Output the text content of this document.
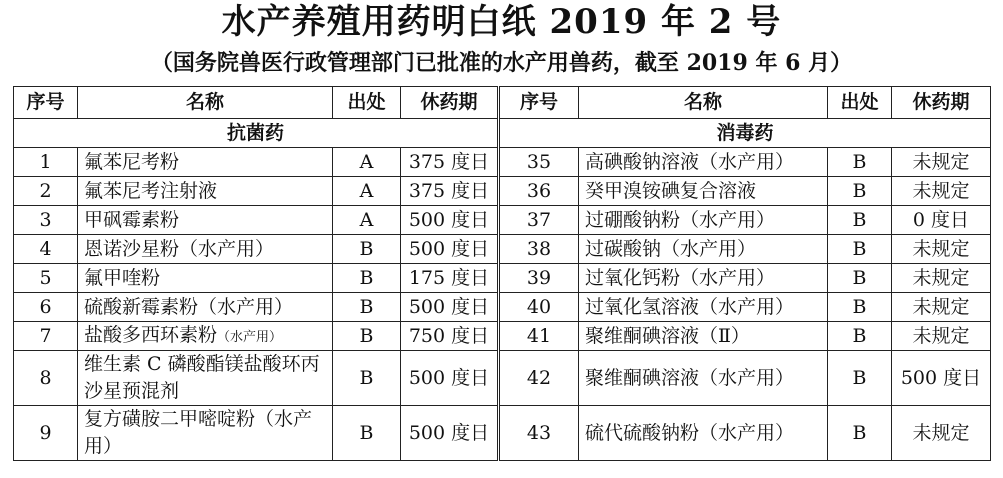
水产养殖用药明白纸 2019 年 2 号
（国务院兽医行政管理部门已批准的水产用兽药，截至 2019 年 6 月）
序号	名称	出处	休药期	序号	名称	出处	休药期
抗菌药				消毒药			
1	氟苯尼考粉	A	375 度日	35	高碘酸钠溶液（水产用）	B	未规定
2	氟苯尼考注射液	A	375 度日	36	癸甲溴铵碘复合溶液	B	未规定
3	甲砜霉素粉	A	500 度日	37	过硼酸钠粉（水产用）	B	0 度日
4	恩诺沙星粉（水产用）	B	500 度日	38	过碳酸钠（水产用）	B	未规定
5	氟甲喹粉	B	175 度日	39	过氧化钙粉（水产用）	B	未规定
6	硫酸新霉素粉（水产用）	B	500 度日	40	过氧化氢溶液（水产用）	B	未规定
7	盐酸多西环素粉（水产用）	B	750 度日	41	聚维酮碘溶液（Ⅱ）	B	未规定
8	维生素 C 磷酸酯镁盐酸环丙沙星预混剂	B	500 度日	42	聚维酮碘溶液（水产用）	B	500 度日
9	复方磺胺二甲嘧啶粉（水产用）	B	500 度日	43	硫代硫酸钠粉（水产用）	B	未规定
